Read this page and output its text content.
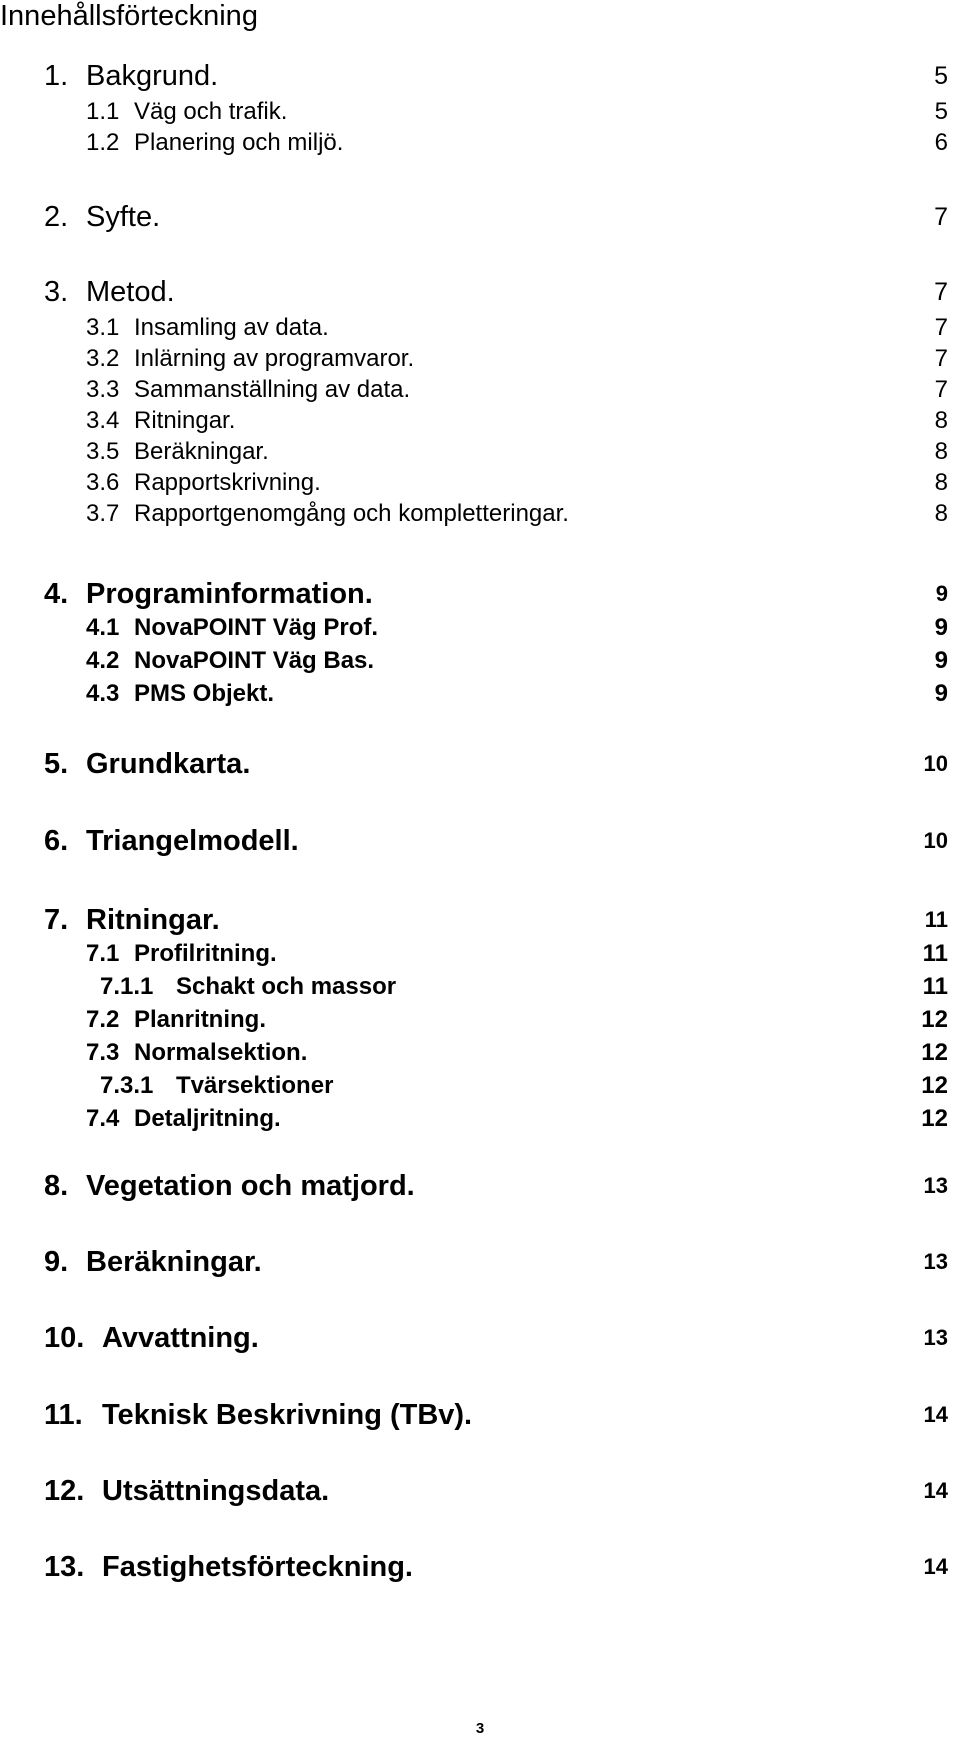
Innehållsförteckning
1. Bakgrund.	5
1.1 Väg och trafik.	5
1.2 Planering och miljö.	6
2. Syfte.	7
3. Metod.	7
3.1 Insamling av data.	7
3.2 Inlärning av programvaror.	7
3.3 Sammanställning av data.	7
3.4 Ritningar.	8
3.5 Beräkningar.	8
3.6 Rapportskrivning.	8
3.7 Rapportgenomgång och kompletteringar.	8
4. Programinformation.	9
4.1 NovaPOINT Väg Prof.	9
4.2 NovaPOINT Väg Bas.	9
4.3 PMS Objekt.	9
5. Grundkarta.	10
6. Triangelmodell.	10
7. Ritningar.	11
7.1 Profilritning.	11
7.1.1 Schakt och massor	11
7.2 Planritning.	12
7.3 Normalsektion.	12
7.3.1 Tvärsektioner	12
7.4 Detaljritning.	12
8. Vegetation och matjord.	13
9. Beräkningar.	13
10. Avvattning.	13
11. Teknisk Beskrivning (TBv).	14
12. Utsättningsdata.	14
13. Fastighetsförteckning.	14
3
